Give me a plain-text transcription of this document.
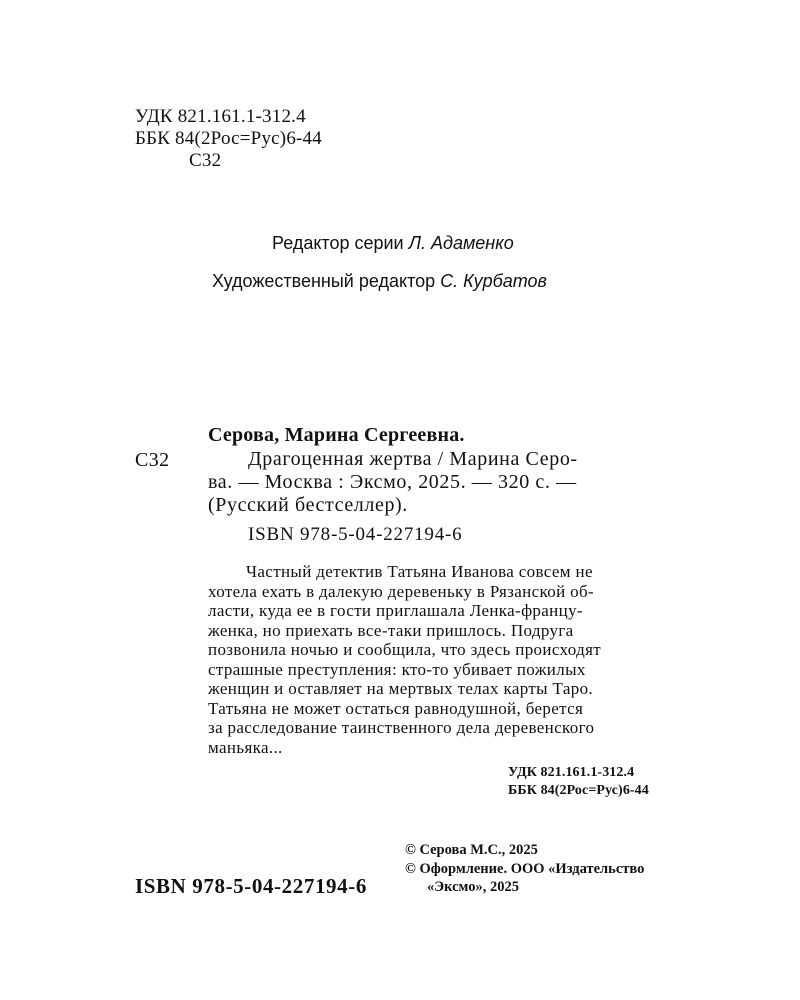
УДК 821.161.1-312.4
ББК 84(2Рос=Рус)6-44
С32
Редактор серии Л. Адаменко
Художественный редактор С. Курбатов
Серова, Марина Сергеевна.
С32	Драгоценная жертва / Марина Серо-
ва. — Москва : Эксмо, 2025. — 320 с. —
(Русский бестселлер).
ISBN 978-5-04-227194-6
Частный детектив Татьяна Иванова совсем не
хотела ехать в далекую деревеньку в Рязанской об-
ласти, куда ее в гости приглашала Ленка-францу-
женка, но приехать все-таки пришлось. Подруга
позвонила ночью и сообщила, что здесь происходят
страшные преступления: кто-то убивает пожилых
женщин и оставляет на мертвых телах карты Таро.
Татьяна не может остаться равнодушной, берется
за расследование таинственного дела деревенского
маньяка...
УДК 821.161.1-312.4
ББК 84(2Рос=Рус)6-44
ISBN 978-5-04-227194-6
© Серова М.С., 2025
© Оформление. ООО «Издательство
«Эксмо», 2025
